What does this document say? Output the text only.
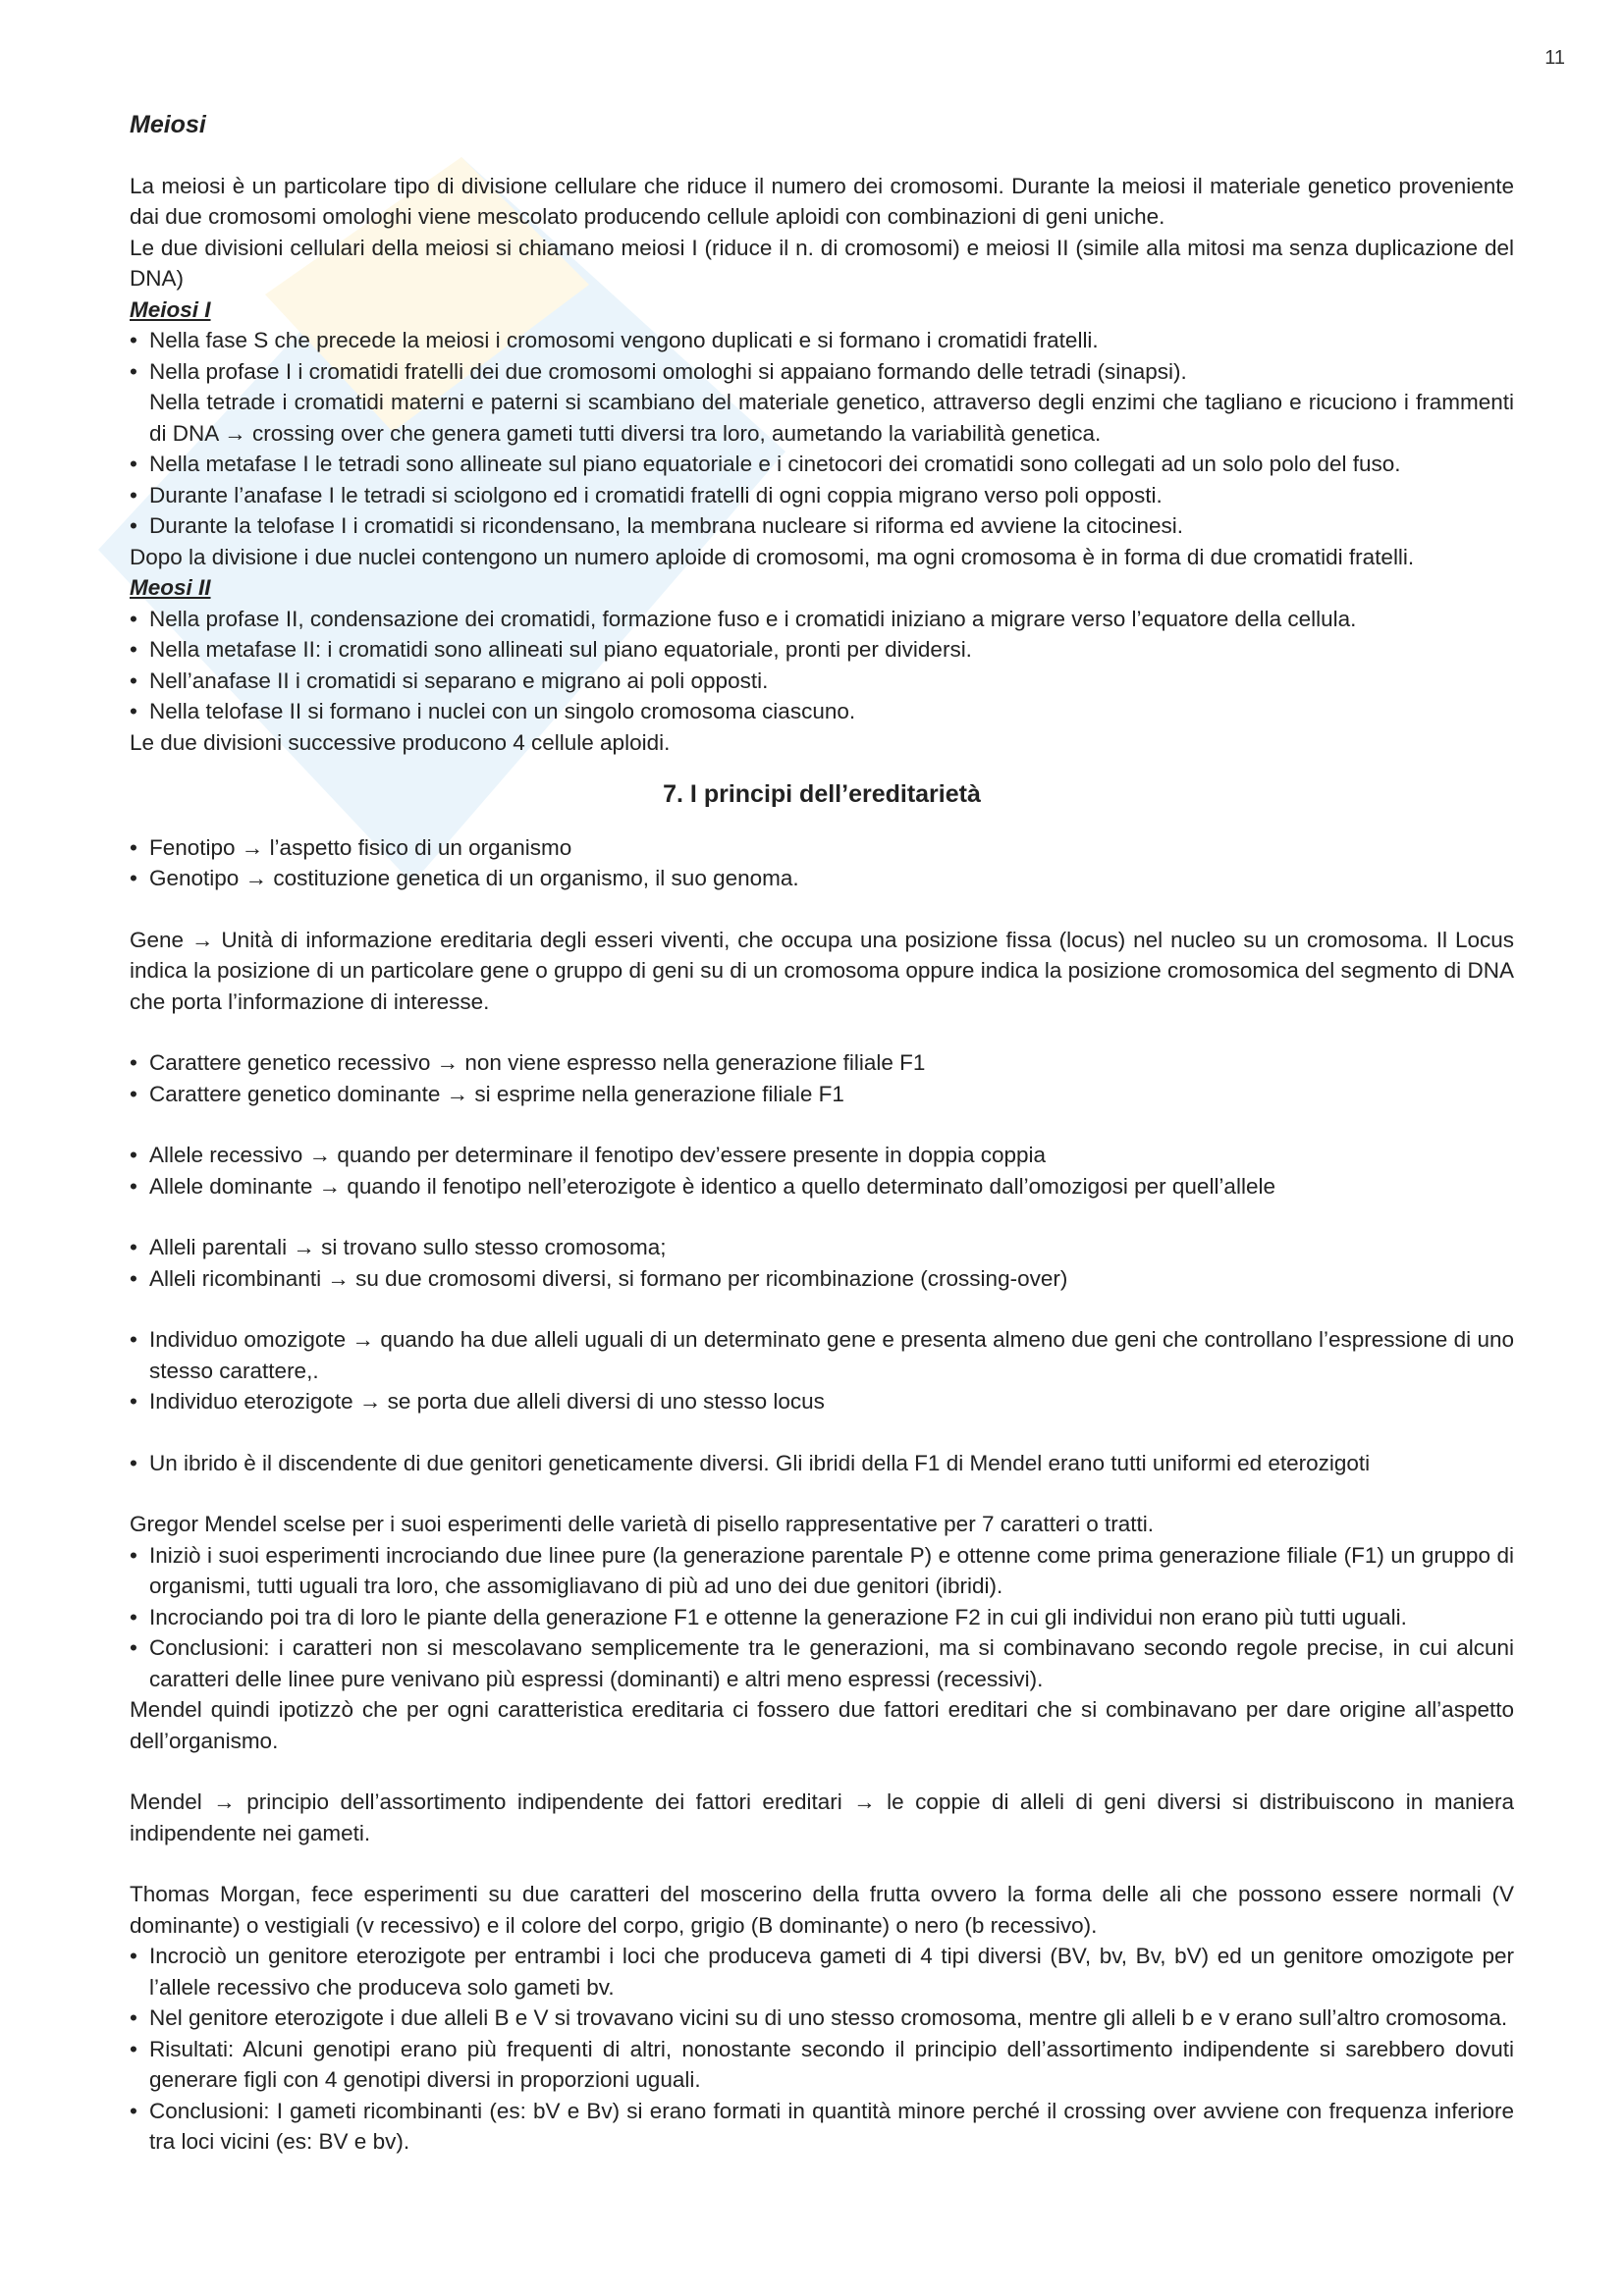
11
Meiosi

La meiosi è un particolare tipo di divisione cellulare che riduce il numero dei cromosomi. Durante la meiosi il materiale genetico proveniente dai due cromosomi omologhi viene mescolato producendo cellule aploidi con combinazioni di geni uniche.

Le due divisioni cellulari della meiosi si chiamano meiosi I (riduce il n. di cromosomi) e meiosi II (simile alla mitosi ma senza duplicazione del DNA)

Meiosi I
• Nella fase S che precede la meiosi i cromosomi vengono duplicati e si formano i cromatidi fratelli.
• Nella profase I i cromatidi fratelli dei due cromosomi omologhi si appaiano formando delle tetradi (sinapsi).
Nella tetrade i cromatidi materni e paterni si scambiano del materiale genetico, attraverso degli enzimi che tagliano e ricuciono i frammenti di DNA → crossing over che genera gameti tutti diversi tra loro, aumetando la variabilità genetica.
• Nella metafase I le tetradi sono allineate sul piano equatoriale e i cinetocori dei cromatidi sono collegati ad un solo polo del fuso.
• Durante l’anafase I le tetradi si sciolgono ed i cromatidi fratelli di ogni coppia migrano verso poli opposti.
• Durante la telofase I i cromatidi si ricondensano, la membrana nucleare si riforma ed avviene la citocinesi.

Dopo la divisione i due nuclei contengono un numero aploide di cromosomi, ma ogni cromosoma è in forma di due cromatidi fratelli.

Meosi II
• Nella profase II, condensazione dei cromatidi, formazione fuso e i cromatidi iniziano a migrare verso l’equatore della cellula.
• Nella metafase II: i cromatidi sono allineati sul piano equatoriale, pronti per dividersi.
• Nell’anafase II i cromatidi si separano e migrano ai poli opposti.
• Nella telofase II si formano i nuclei con un singolo cromosoma ciascuno.

Le due divisioni successive producono 4 cellule aploidi.

7. I principi dell’ereditarietà
• Fenotipo → l’aspetto fisico di un organismo
• Genotipo → costituzione genetica di un organismo, il suo genoma.

Gene → Unità di informazione ereditaria degli esseri viventi, che occupa una posizione fissa (locus) nel nucleo su un cromosoma. Il Locus indica la posizione di un particolare gene o gruppo di geni su di un cromosoma oppure indica la posizione cromosomica del segmento di DNA che porta l’informazione di interesse.

• Carattere genetico recessivo → non viene espresso nella generazione filiale F1
• Carattere genetico dominante → si esprime nella generazione filiale F1
• Allele recessivo → quando per determinare il fenotipo dev’essere presente in doppia coppia
• Allele dominante → quando il fenotipo nell’eterozigote è identico a quello determinato dall’omozigosi per quell’allele
• Alleli parentali → si trovano sullo stesso cromosoma;
• Alleli ricombinanti → su due cromosomi diversi, si formano per ricombinazione (crossing-over)
• Individuo omozigote → quando ha due alleli uguali di un determinato gene e presenta almeno due geni che controllano l’espressione di uno stesso carattere,.
• Individuo eterozigote → se porta due alleli diversi di uno stesso locus
• Un ibrido è il discendente di due genitori geneticamente diversi. Gli ibridi della F1 di Mendel erano tutti uniformi ed eterozigoti

Gregor Mendel scelse per i suoi esperimenti delle varietà di pisello rappresentative per 7 caratteri o tratti.

• Iniziò i suoi esperimenti incrociando due linee pure (la generazione parentale P) e ottenne come prima generazione filiale (F1) un gruppo di organismi, tutti uguali tra loro, che assomigliavano di più ad uno dei due genitori (ibridi).
• Incrociando poi tra di loro le piante della generazione F1 e ottenne la generazione F2 in cui gli individui non erano più tutti uguali.
• Conclusioni: i caratteri non si mescolavano semplicemente tra le generazioni, ma si combinavano secondo regole precise, in cui alcuni caratteri delle linee pure venivano più espressi (dominanti) e altri meno espressi (recessivi).

Mendel quindi ipotizzò che per ogni caratteristica ereditaria ci fossero due fattori ereditari che si combinavano per dare origine all’aspetto dell’organismo.

Mendel → principio dell’assortimento indipendente dei fattori ereditari → le coppie di alleli di geni diversi si distribuiscono in maniera indipendente nei gameti.

Thomas Morgan, fece esperimenti su due caratteri del moscerino della frutta ovvero la forma delle ali che possono essere normali (V dominante) o vestigiali (v recessivo) e il colore del corpo, grigio (B dominante) o nero (b recessivo).

• Incrociò un genitore eterozigote per entrambi i loci che produceva gameti di 4 tipi diversi (BV, bv, Bv, bV) ed un genitore omozigote per l’allele recessivo che produceva solo gameti bv.
• Nel genitore eterozigote i due alleli B e V si trovavano vicini su di uno stesso cromosoma, mentre gli alleli b e v erano sull’altro cromosoma.
• Risultati: Alcuni genotipi erano più frequenti di altri, nonostante secondo il principio dell’assortimento indipendente si sarebbero dovuti generare figli con 4 genotipi diversi in proporzioni uguali.
• Conclusioni: I gameti ricombinanti (es: bV e Bv) si erano formati in quantità minore perché il crossing over avviene con frequenza inferiore tra loci vicini (es: BV e bv).
